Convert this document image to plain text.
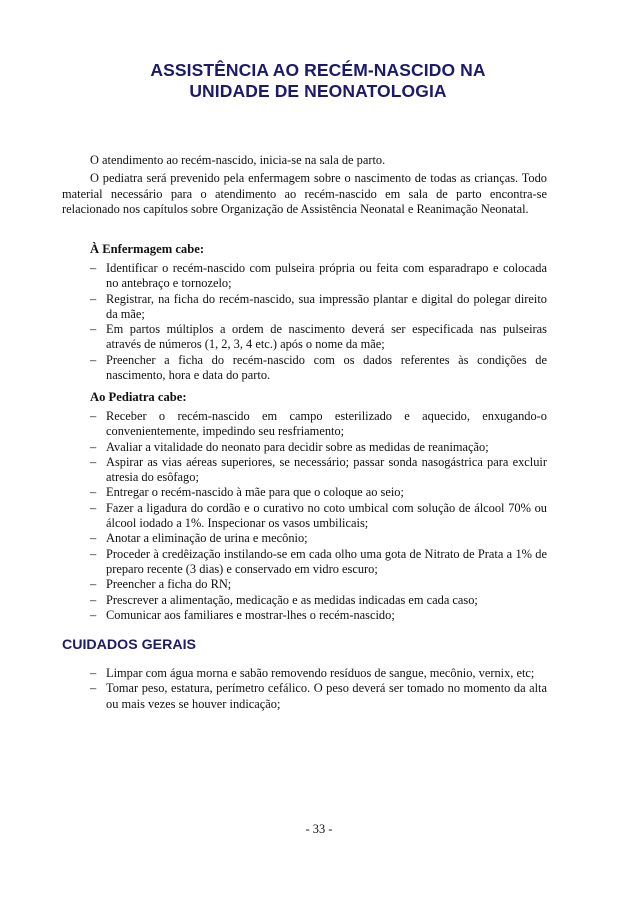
ASSISTÊNCIA AO RECÉM-NASCIDO NA
UNIDADE DE NEONATOLOGIA

O atendimento ao recém-nascido, inicia-se na sala de parto.

O pediatra será prevenido pela enfermagem sobre o nascimento de todas as crianças. Todo material necessário para o atendimento ao recém-nascido em sala de parto encontra-se relacionado nos capítulos sobre Organização de Assistência Neonatal e Reanimação Neonatal.

À Enfermagem cabe:
– Identificar o recém-nascido com pulseira própria ou feita com esparadrapo e colocada no antebraço e tornozelo;
– Registrar, na ficha do recém-nascido, sua impressão plantar e digital do polegar direito da mãe;
– Em partos múltiplos a ordem de nascimento deverá ser especificada nas pulseiras através de números (1, 2, 3, 4 etc.) após o nome da mãe;
– Preencher a ficha do recém-nascido com os dados referentes às condições de nascimento, hora e data do parto.
Ao Pediatra cabe:
– Receber o recém-nascido em campo esterilizado e aquecido, enxugando-o convenientemente, impedindo seu resfriamento;
– Avaliar a vitalidade do neonato para decidir sobre as medidas de reanimação;
– Aspirar as vias aéreas superiores, se necessário; passar sonda nasogástrica para excluir atresia do esôfago;
– Entregar o recém-nascido à mãe para que o coloque ao seio;
– Fazer a ligadura do cordão e o curativo no coto umbical com solução de álcool 70% ou álcool iodado a 1%. Inspecionar os vasos umbilicais;
– Anotar a eliminação de urina e mecônio;
– Proceder à credêização instilando-se em cada olho uma gota de Nitrato de Prata a 1% de preparo recente (3 dias) e conservado em vidro escuro;
– Preencher a ficha do RN;
– Prescrever a alimentação, medicação e as medidas indicadas em cada caso;
– Comunicar aos familiares e mostrar-lhes o recém-nascido;
CUIDADOS GERAIS
– Limpar com água morna e sabão removendo resíduos de sangue, mecônio, vernix, etc;
– Tomar peso, estatura, perímetro cefálico. O peso deverá ser tomado no momento da alta ou mais vezes se houver indicação;
- 33 -
